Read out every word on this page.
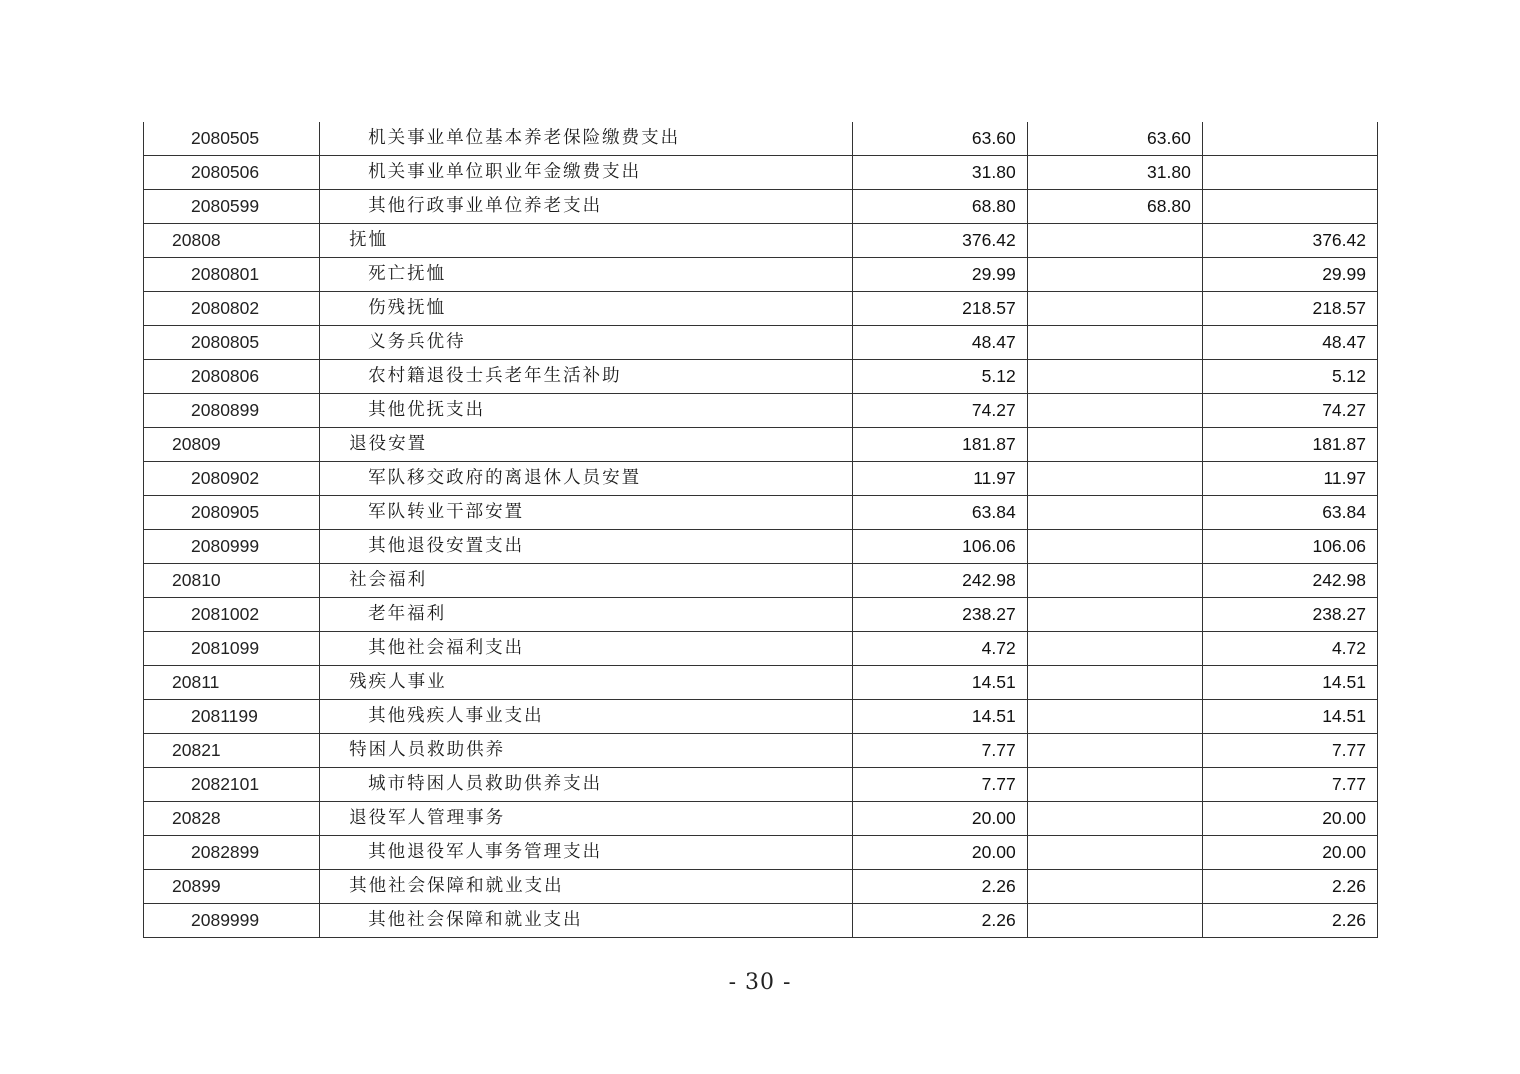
2080505	机关事业单位基本养老保险缴费支出	63.60	63.60	
2080506	机关事业单位职业年金缴费支出	31.80	31.80	
2080599	其他行政事业单位养老支出	68.80	68.80	
20808	抚恤	376.42		376.42
2080801	死亡抚恤	29.99		29.99
2080802	伤残抚恤	218.57		218.57
2080805	义务兵优待	48.47		48.47
2080806	农村籍退役士兵老年生活补助	5.12		5.12
2080899	其他优抚支出	74.27		74.27
20809	退役安置	181.87		181.87
2080902	军队移交政府的离退休人员安置	11.97		11.97
2080905	军队转业干部安置	63.84		63.84
2080999	其他退役安置支出	106.06		106.06
20810	社会福利	242.98		242.98
2081002	老年福利	238.27		238.27
2081099	其他社会福利支出	4.72		4.72
20811	残疾人事业	14.51		14.51
2081199	其他残疾人事业支出	14.51		14.51
20821	特困人员救助供养	7.77		7.77
2082101	城市特困人员救助供养支出	7.77		7.77
20828	退役军人管理事务	20.00		20.00
2082899	其他退役军人事务管理支出	20.00		20.00
20899	其他社会保障和就业支出	2.26		2.26
2089999	其他社会保障和就业支出	2.26		2.26
- 30 -
